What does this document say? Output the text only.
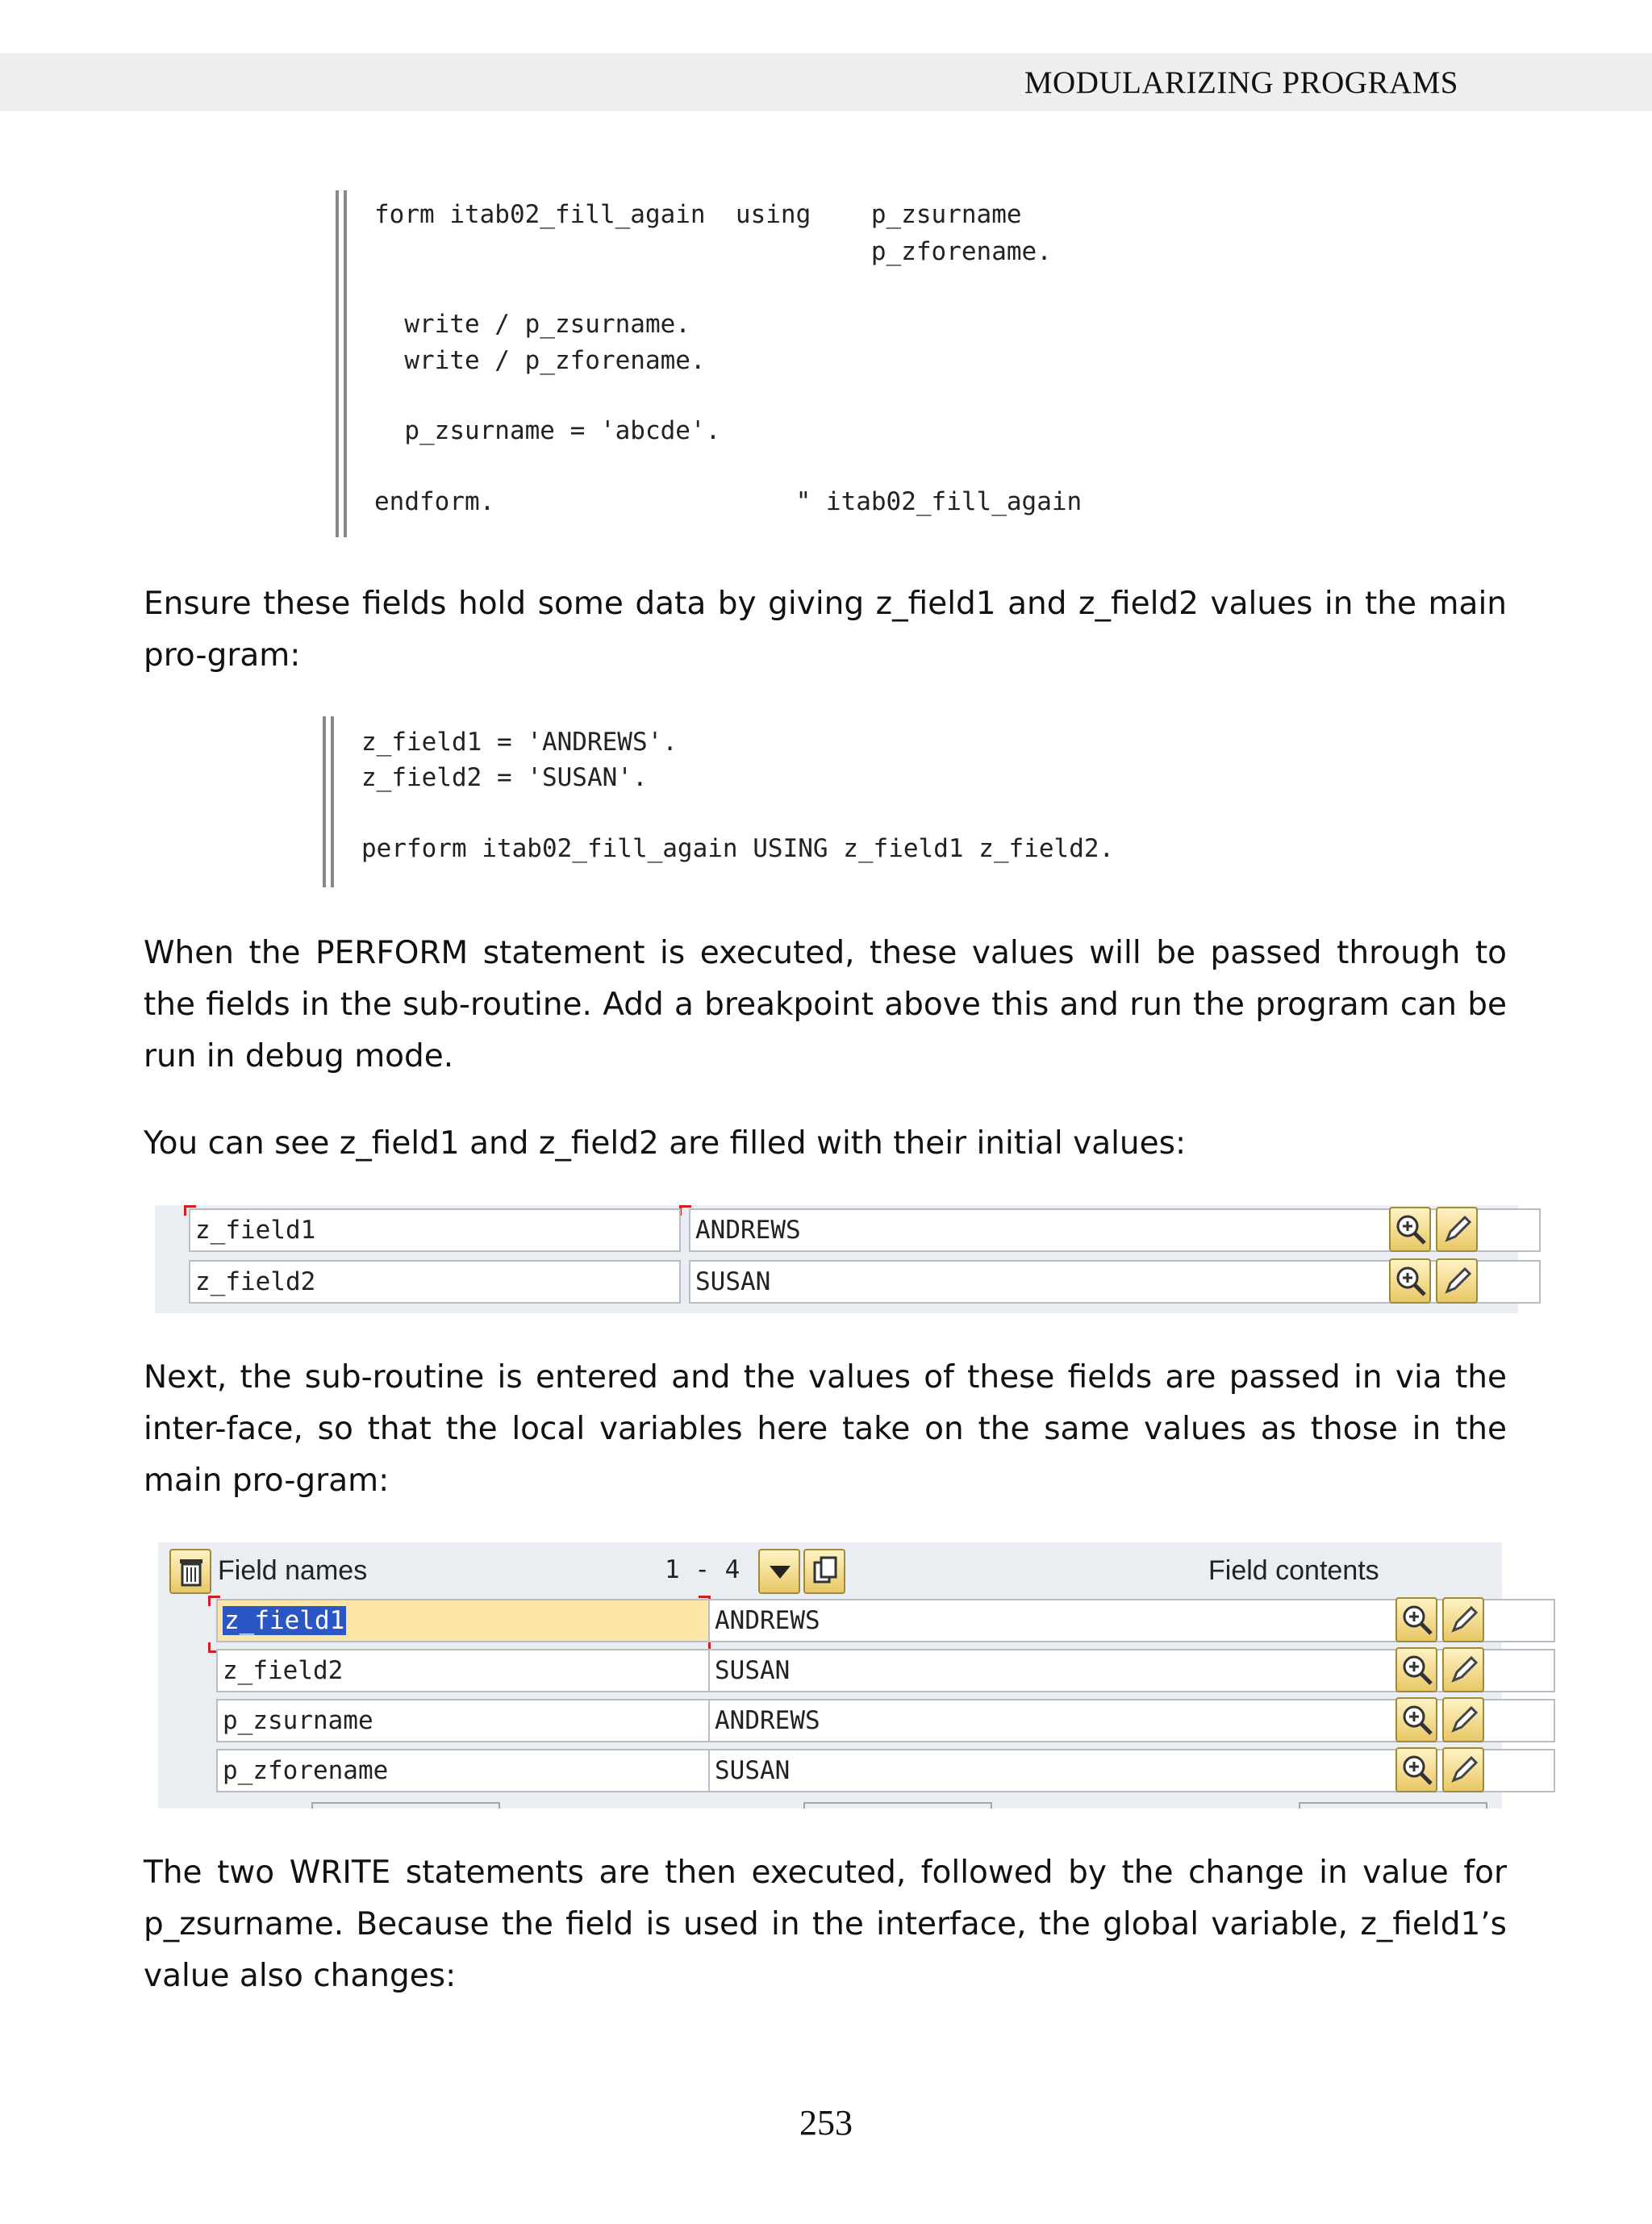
MODULARIZING PROGRAMS
form itab02_fill_again  using    p_zsurname
p_zforename.
write / p_zsurname.
write / p_zforename.
p_zsurname = 'abcde'.
endform.                    " itab02_fill_again

Ensure these fields hold some data by giving z_field1 and z_field2 values in the main pro-gram:

z_field1 = 'ANDREWS'.
z_field2 = 'SUSAN'.
perform itab02_fill_again USING z_field1 z_field2.

When the PERFORM statement is executed, these values will be passed through to the fields in the sub-routine. Add a breakpoint above this and run the program can be run in debug mode.

You can see z_field1 and z_field2 are filled with their initial values:

z_field1	ANDREWS
z_field2	SUSAN

Next, the sub-routine is entered and the values of these fields are passed in via the inter-face, so that the local variables here take on the same values as those in the main pro-gram:

Field names	1 - 4	Field contents
z_field1	ANDREWS
z_field2	SUSAN
p_zsurname	ANDREWS
p_zforename	SUSAN

The two WRITE statements are then executed, followed by the change in value for p_zsurname. Because the field is used in the interface, the global variable, z_field1’s value also changes:

253
